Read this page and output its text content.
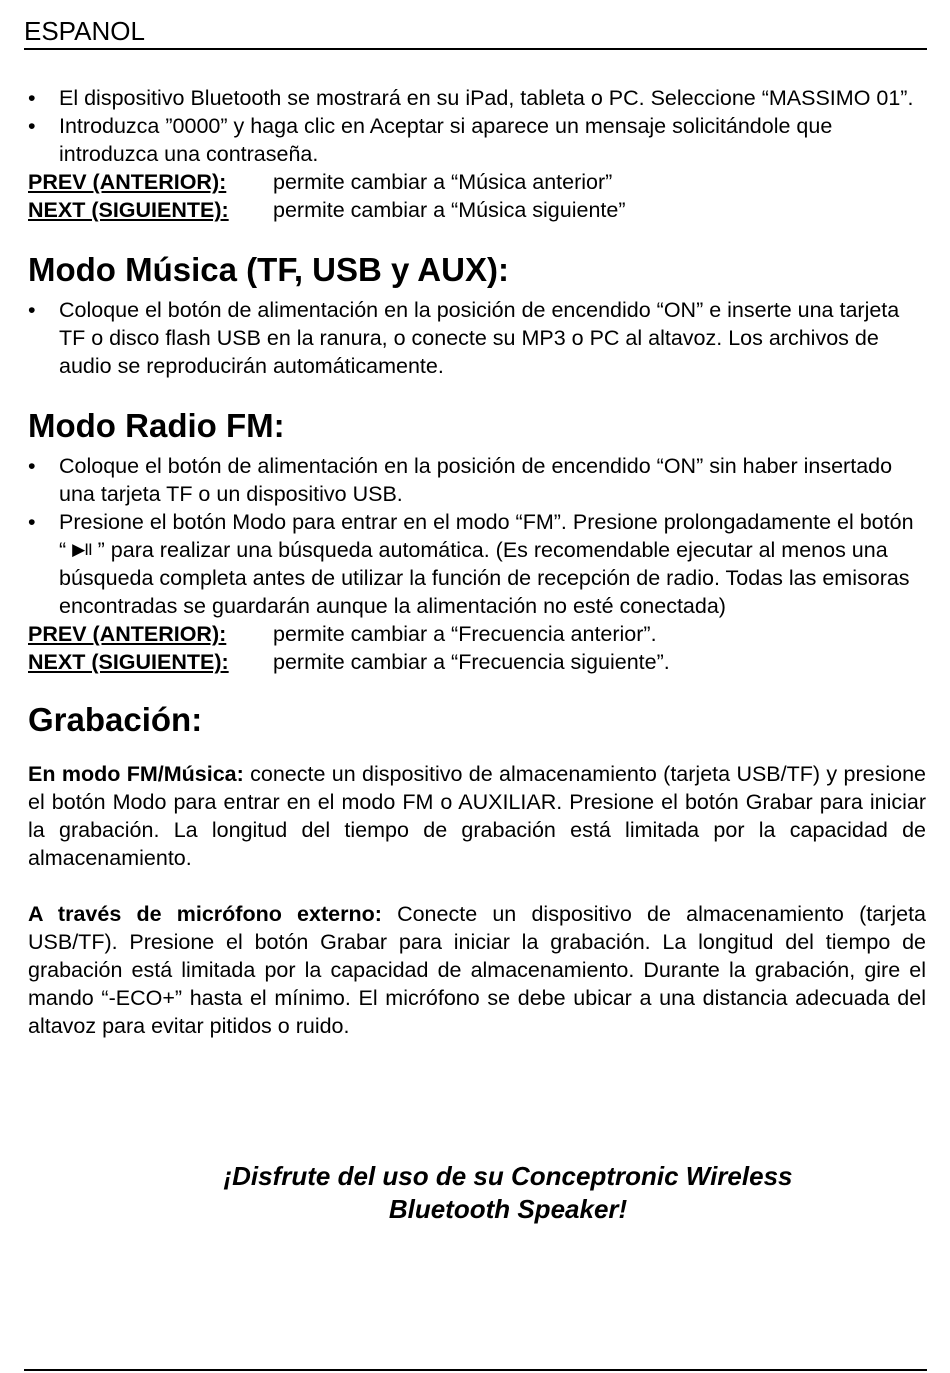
ESPANOL
• El dispositivo Bluetooth se mostrará en su iPad, tableta o PC. Seleccione “MASSIMO 01”.
• Introduzca ”0000” y haga clic en Aceptar si aparece un mensaje solicitándole que introduzca una contraseña.
PREV (ANTERIOR): permite cambiar a “Música anterior”
NEXT (SIGUIENTE): permite cambiar a “Música siguiente”
Modo Música (TF, USB y AUX):
• Coloque el botón de alimentación en la posición de encendido “ON” e inserte una tarjeta TF o disco flash USB en la ranura, o conecte su MP3 o PC al altavoz. Los archivos de audio se reproducirán automáticamente.
Modo Radio FM:
• Coloque el botón de alimentación en la posición de encendido “ON” sin haber insertado una tarjeta TF o un dispositivo USB.
• Presione el botón Modo para entrar en el modo “FM”. Presione prolongadamente el botón “ ▶II ” para realizar una búsqueda automática. (Es recomendable ejecutar al menos una búsqueda completa antes de utilizar la función de recepción de radio. Todas las emisoras encontradas se guardarán aunque la alimentación no esté conectada)
PREV (ANTERIOR): permite cambiar a “Frecuencia anterior”.
NEXT (SIGUIENTE): permite cambiar a “Frecuencia siguiente”.
Grabación:

En modo FM/Música: conecte un dispositivo de almacenamiento (tarjeta USB/TF) y presione el botón Modo para entrar en el modo FM o AUXILIAR. Presione el botón Grabar para iniciar la grabación. La longitud del tiempo de grabación está limitada por la capacidad de almacenamiento.

A través de micrófono externo: Conecte un dispositivo de almacenamiento (tarjeta USB/TF). Presione el botón Grabar para iniciar la grabación. La longitud del tiempo de grabación está limitada por la capacidad de almacenamiento. Durante la grabación, gire el mando “-ECO+” hasta el mínimo. El micrófono se debe ubicar a una distancia adecuada del altavoz para evitar pitidos o ruido.

¡Disfrute del uso de su Conceptronic Wireless
Bluetooth Speaker!
